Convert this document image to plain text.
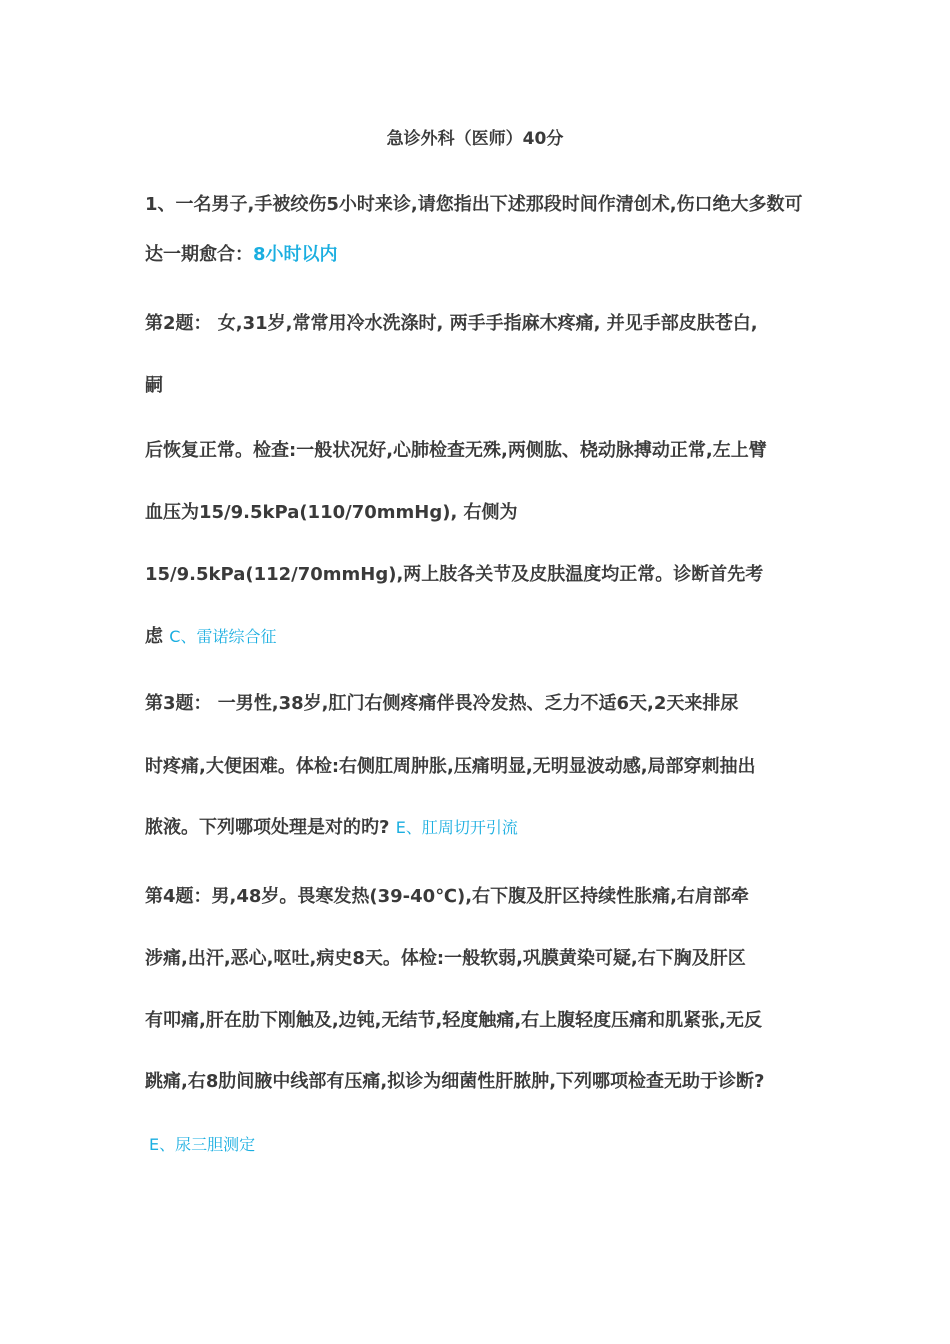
急诊外科（医师）40分
1、一名男子,手被绞伤5小时来诊,请您指出下述那段时间作清创术,伤口绝大多数可
达一期愈合：8小时以内
第2题： 女,31岁,常常用冷水洗涤时, 两手手指麻木疼痛, 并见手部皮肤苍白,
嗣
后恢复正常。检查:一般状况好,心肺检查无殊,两侧肱、桡动脉搏动正常,左上臂
血压为15/9.5kPa(110/70mmHg), 右侧为
15/9.5kPa(112/70mmHg),两上肢各关节及皮肤温度均正常。诊断首先考
虑 C、雷诺综合征
第3题： 一男性,38岁,肛门右侧疼痛伴畏冷发热、乏力不适6天,2天来排尿
时疼痛,大便困难。体检:右侧肛周肿胀,压痛明显,无明显波动感,局部穿刺抽出
脓液。下列哪项处理是对的旳? E、肛周切开引流
第4题：男,48岁。畏寒发热(39-40℃),右下腹及肝区持续性胀痛,右肩部牵
涉痛,出汗,恶心,呕吐,病史8天。体检:一般软弱,巩膜黄染可疑,右下胸及肝区
有叩痛,肝在肋下刚触及,边钝,无结节,轻度触痛,右上腹轻度压痛和肌紧张,无反
跳痛,右8肋间腋中线部有压痛,拟诊为细菌性肝脓肿,下列哪项检查无助于诊断?
E、尿三胆测定
